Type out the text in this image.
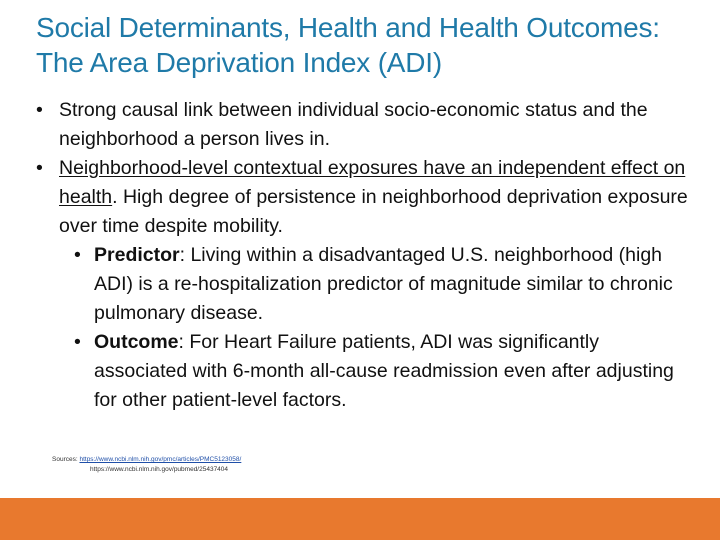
Social Determinants, Health and Health Outcomes: The Area Deprivation Index (ADI)
• Strong causal link between individual socio-economic status and the neighborhood a person lives in.
• Neighborhood-level contextual exposures have an independent effect on health. High degree of persistence in neighborhood deprivation exposure over time despite mobility.
• Predictor: Living within a disadvantaged U.S. neighborhood (high ADI) is a re-hospitalization predictor of magnitude similar to chronic pulmonary disease.
• Outcome: For Heart Failure patients, ADI was significantly associated with 6-month all-cause readmission even after adjusting for other patient-level factors.
Sources: https://www.ncbi.nlm.nih.gov/pmc/articles/PMC5123058/
https://www.ncbi.nlm.nih.gov/pubmed/25437404
24
